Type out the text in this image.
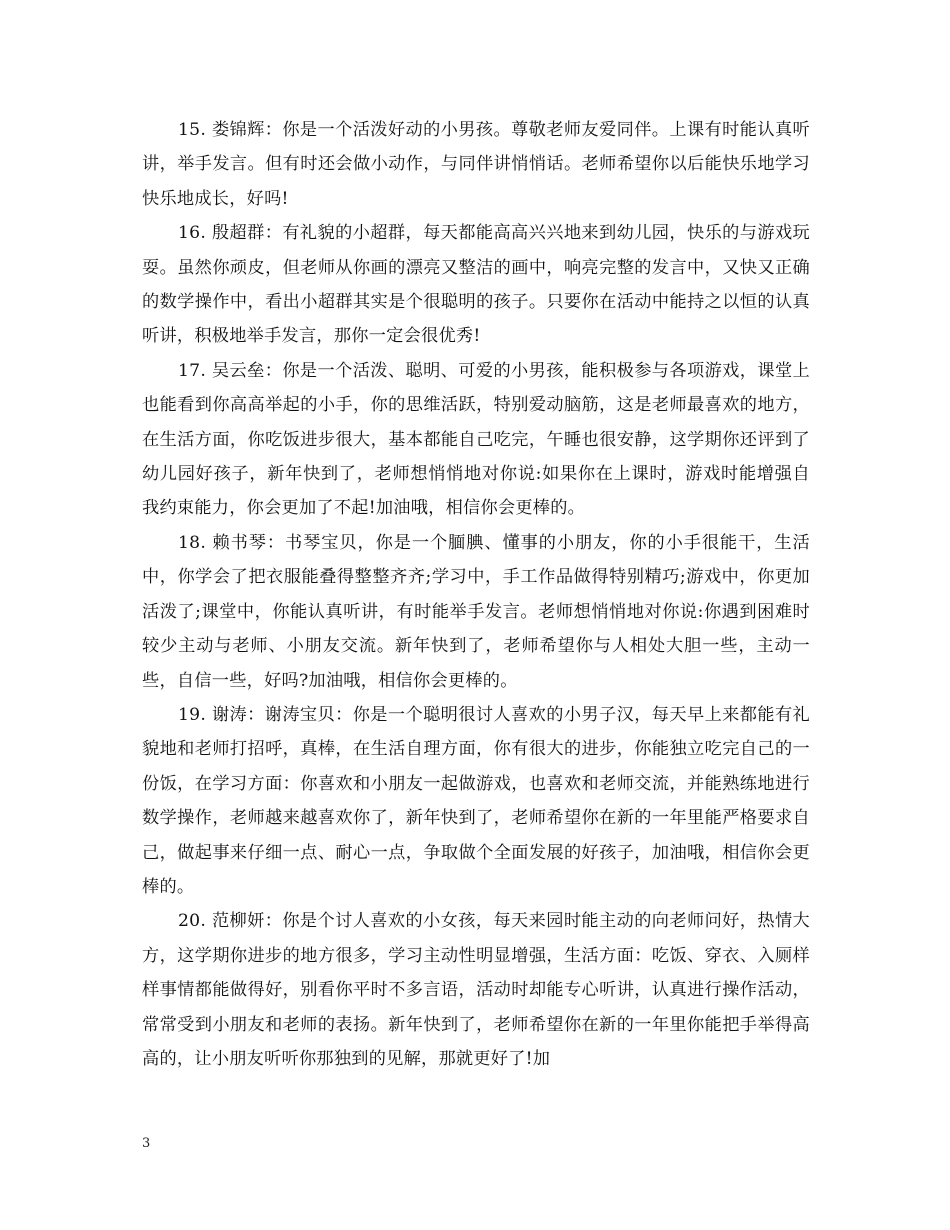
15. 娄锦辉：你是一个活泼好动的小男孩。尊敬老师友爱同伴。上课有时能认真听讲，举手发言。但有时还会做小动作，与同伴讲悄悄话。老师希望你以后能快乐地学习快乐地成长，好吗!

16. 殷超群：有礼貌的小超群，每天都能高高兴兴地来到幼儿园，快乐的与游戏玩耍。虽然你顽皮，但老师从你画的漂亮又整洁的画中，响亮完整的发言中，又快又正确的数学操作中，看出小超群其实是个很聪明的孩子。只要你在活动中能持之以恒的认真听讲，积极地举手发言，那你一定会很优秀!

17. 吴云垒：你是一个活泼、聪明、可爱的小男孩，能积极参与各项游戏，课堂上也能看到你高高举起的小手，你的思维活跃，特别爱动脑筋，这是老师最喜欢的地方，在生活方面，你吃饭进步很大，基本都能自己吃完，午睡也很安静，这学期你还评到了幼儿园好孩子，新年快到了，老师想悄悄地对你说:如果你在上课时，游戏时能增强自我约束能力，你会更加了不起!加油哦，相信你会更棒的。

18. 赖书琴：书琴宝贝，你是一个腼腆、懂事的小朋友，你的小手很能干，生活中，你学会了把衣服能叠得整整齐齐;学习中，手工作品做得特别精巧;游戏中，你更加活泼了;课堂中，你能认真听讲，有时能举手发言。老师想悄悄地对你说:你遇到困难时较少主动与老师、小朋友交流。新年快到了，老师希望你与人相处大胆一些，主动一些，自信一些，好吗?加油哦，相信你会更棒的。

19. 谢涛：谢涛宝贝：你是一个聪明很讨人喜欢的小男子汉，每天早上来都能有礼貌地和老师打招呼，真棒，在生活自理方面，你有很大的进步，你能独立吃完自己的一份饭，在学习方面：你喜欢和小朋友一起做游戏，也喜欢和老师交流，并能熟练地进行数学操作，老师越来越喜欢你了，新年快到了，老师希望你在新的一年里能严格要求自己，做起事来仔细一点、耐心一点，争取做个全面发展的好孩子，加油哦，相信你会更棒的。

20. 范柳妍：你是个讨人喜欢的小女孩，每天来园时能主动的向老师问好，热情大方，这学期你进步的地方很多，学习主动性明显增强，生活方面：吃饭、穿衣、入厕样样事情都能做得好，别看你平时不多言语，活动时却能专心听讲，认真进行操作活动，常常受到小朋友和老师的表扬。新年快到了，老师希望你在新的一年里你能把手举得高高的，让小朋友听听你那独到的见解，那就更好了!加

3
